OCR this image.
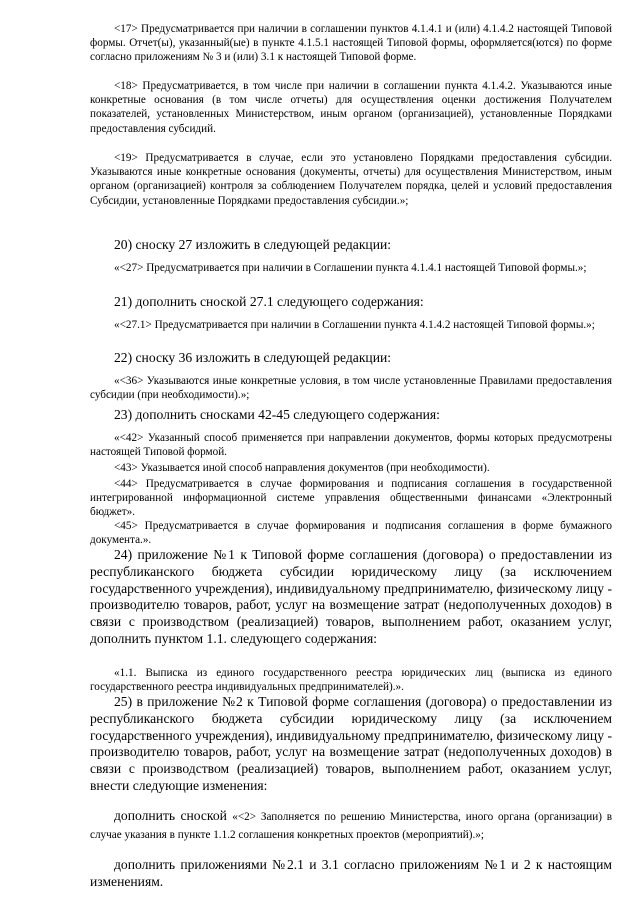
<17> Предусматривается при наличии в соглашении пунктов 4.1.4.1 и (или) 4.1.4.2 настоящей Типовой формы. Отчет(ы), указанный(ые) в пункте 4.1.5.1 настоящей Типовой формы, оформляется(ются) по форме согласно приложениям № 3 и (или) 3.1 к настоящей Типовой форме.

<18> Предусматривается, в том числе при наличии в соглашении пункта 4.1.4.2. Указываются иные конкретные основания (в том числе отчеты) для осуществления оценки достижения Получателем показателей, установленных Министерством, иным органом (организацией), установленные Порядками предоставления субсидий.

<19> Предусматривается в случае, если это установлено Порядками предоставления субсидии. Указываются иные конкретные основания (документы, отчеты) для осуществления Министерством, иным органом (организацией) контроля за соблюдением Получателем порядка, целей и условий предоставления Субсидии, установленные Порядками предоставления субсидии.»;

20) сноску 27 изложить в следующей редакции:

«<27> Предусматривается при наличии в Соглашении пункта 4.1.4.1 настоящей Типовой формы.»;

21) дополнить сноской 27.1 следующего содержания:

«<27.1> Предусматривается при наличии в Соглашении пункта 4.1.4.2 настоящей Типовой формы.»;

22) сноску 36 изложить в следующей редакции:

«<36> Указываются иные конкретные условия, в том числе установленные Правилами предоставления субсидии (при необходимости).»;

23) дополнить сносками 42-45 следующего содержания:

«<42> Указанный способ применяется при направлении документов, формы которых предусмотрены настоящей Типовой формой.

<43> Указывается иной способ направления документов (при необходимости).

<44> Предусматривается в случае формирования и подписания соглашения в государственной интегрированной информационной системе управления общественными финансами «Электронный бюджет».

<45> Предусматривается в случае формирования и подписания соглашения в форме бумажного документа.».

24) приложение №1 к Типовой форме соглашения (договора) о предоставлении из республиканского бюджета субсидии юридическому лицу (за исключением государственного учреждения), индивидуальному предпринимателю, физическому лицу - производителю товаров, работ, услуг на возмещение затрат (недополученных доходов) в связи с производством (реализацией) товаров, выполнением работ, оказанием услуг, дополнить пунктом 1.1. следующего содержания:

«1.1. Выписка из единого государственного реестра юридических лиц (выписка из единого государственного реестра индивидуальных предпринимателей).».

25) в приложение №2 к Типовой форме соглашения (договора) о предоставлении из республиканского бюджета субсидии юридическому лицу (за исключением государственного учреждения), индивидуальному предпринимателю, физическому лицу - производителю товаров, работ, услуг на возмещение затрат (недополученных доходов) в связи с производством (реализацией) товаров, выполнением работ, оказанием услуг, внести следующие изменения:

дополнить сноской «<2> Заполняется по решению Министерства, иного органа (организации) в случае указания в пункте 1.1.2 соглашения конкретных проектов (мероприятий).»;

дополнить приложениями №2.1 и 3.1 согласно приложениям №1 и 2 к настоящим изменениям.
